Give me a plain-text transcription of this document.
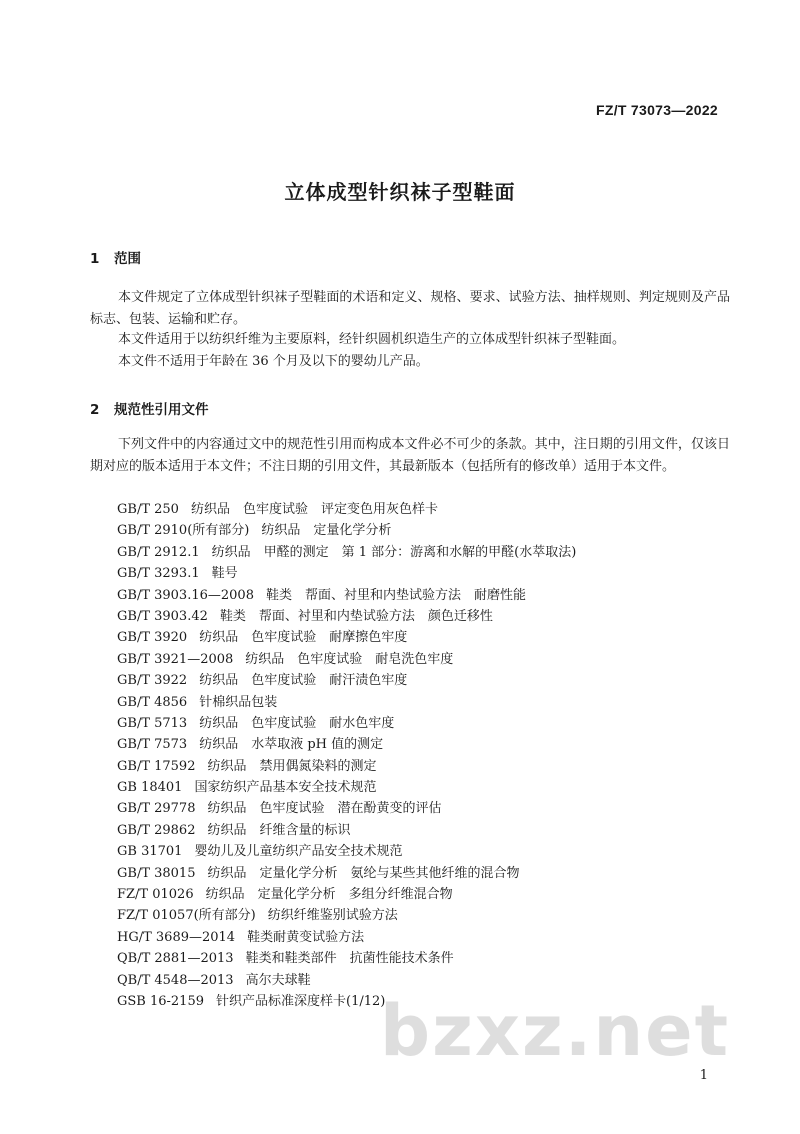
FZ/T 73073—2022
立体成型针织袜子型鞋面
1 范围

本文件规定了立体成型针织袜子型鞋面的术语和定义、规格、要求、试验方法、抽样规则、判定规则及产品标志、包装、运输和贮存。

本文件适用于以纺织纤维为主要原料，经针织圆机织造生产的立体成型针织袜子型鞋面。

本文件不适用于年龄在 36 个月及以下的婴幼儿产品。

2 规范性引用文件

下列文件中的内容通过文中的规范性引用而构成本文件必不可少的条款。其中，注日期的引用文件，仅该日期对应的版本适用于本文件；不注日期的引用文件，其最新版本（包括所有的修改单）适用于本文件。

GB/T 250 纺织品　色牢度试验　评定变色用灰色样卡
GB/T 2910(所有部分) 纺织品　定量化学分析
GB/T 2912.1 纺织品　甲醛的测定　第 1 部分：游离和水解的甲醛(水萃取法)
GB/T 3293.1 鞋号
GB/T 3903.16—2008 鞋类　帮面、衬里和内垫试验方法　耐磨性能
GB/T 3903.42 鞋类　帮面、衬里和内垫试验方法　颜色迁移性
GB/T 3920 纺织品　色牢度试验　耐摩擦色牢度
GB/T 3921—2008 纺织品　色牢度试验　耐皂洗色牢度
GB/T 3922 纺织品　色牢度试验　耐汗渍色牢度
GB/T 4856 针棉织品包装
GB/T 5713 纺织品　色牢度试验　耐水色牢度
GB/T 7573 纺织品　水萃取液 pH 值的测定
GB/T 17592 纺织品　禁用偶氮染料的测定
GB 18401 国家纺织产品基本安全技术规范
GB/T 29778 纺织品　色牢度试验　潜在酚黄变的评估
GB/T 29862 纺织品　纤维含量的标识
GB 31701 婴幼儿及儿童纺织产品安全技术规范
GB/T 38015 纺织品　定量化学分析　氨纶与某些其他纤维的混合物
FZ/T 01026 纺织品　定量化学分析　多组分纤维混合物
FZ/T 01057(所有部分) 纺织纤维鉴别试验方法
HG/T 3689—2014 鞋类耐黄变试验方法
QB/T 2881—2013 鞋类和鞋类部件　抗菌性能技术条件
QB/T 4548—2013 高尔夫球鞋
GSB 16-2159 针织产品标准深度样卡(1/12)
bzxz.net
1
